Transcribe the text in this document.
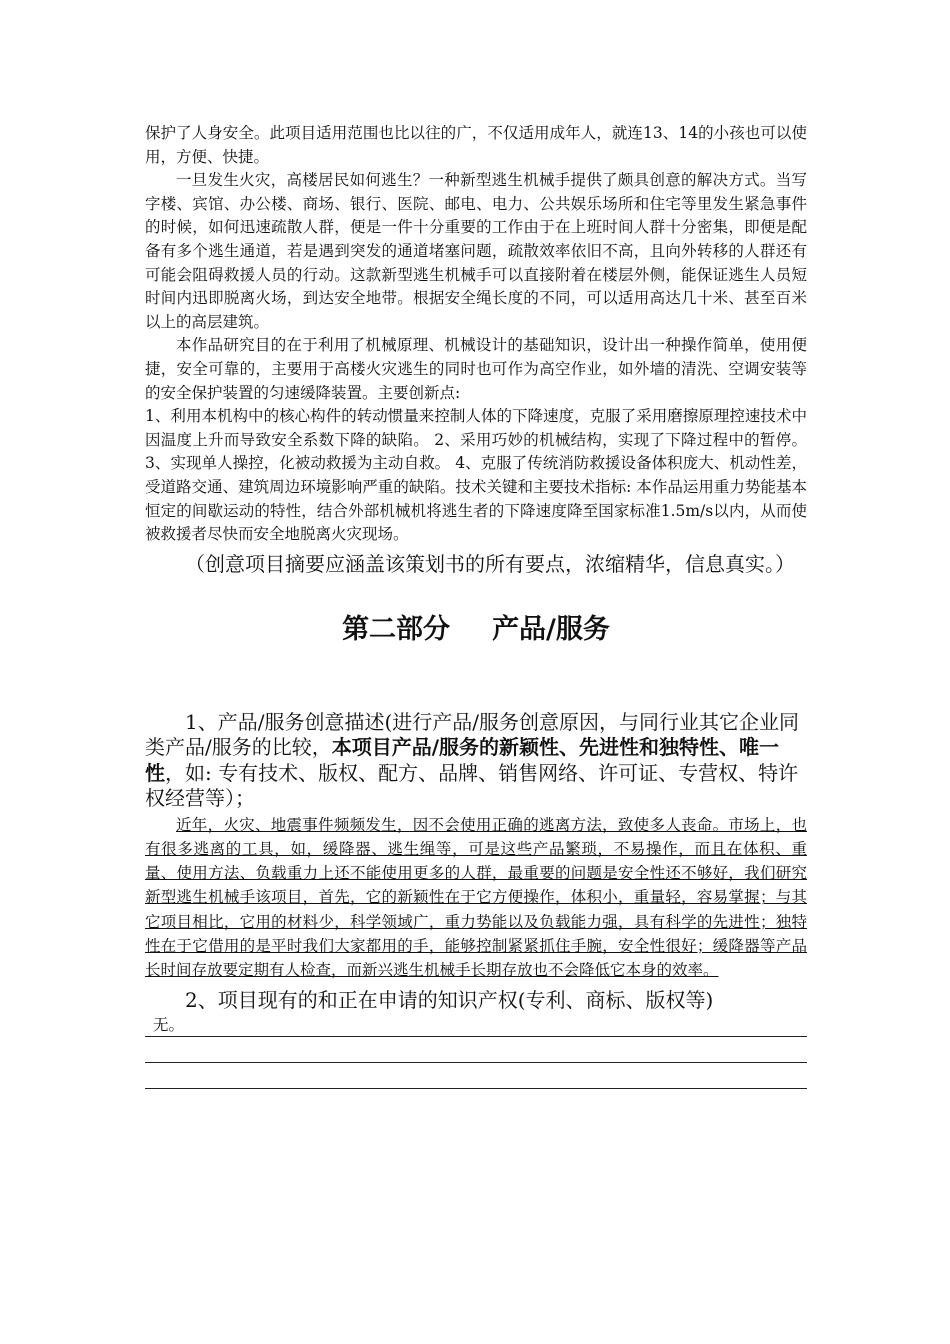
保护了人身安全。此项目适用范围也比以往的广，不仅适用成年人，就连13、14的小孩也可以使用，方便、快捷。

一旦发生火灾，高楼居民如何逃生？一种新型逃生机械手提供了颇具创意的解决方式。当写字楼、宾馆、办公楼、商场、银行、医院、邮电、电力、公共娱乐场所和住宅等里发生紧急事件的时候，如何迅速疏散人群，便是一件十分重要的工作由于在上班时间人群十分密集，即便是配备有多个逃生通道，若是遇到突发的通道堵塞问题，疏散效率依旧不高，且向外转移的人群还有可能会阻碍救援人员的行动。这款新型逃生机械手可以直接附着在楼层外侧，能保证逃生人员短时间内迅即脱离火场，到达安全地带。根据安全绳长度的不同，可以适用高达几十米、甚至百米以上的高层建筑。

本作品研究目的在于利用了机械原理、机械设计的基础知识，设计出一种操作简单，使用便捷，安全可靠的，主要用于高楼火灾逃生的同时也可作为高空作业，如外墙的清洗、空调安装等的安全保护装置的匀速缓降装置。主要创新点:

1、利用本机构中的核心构件的转动惯量来控制人体的下降速度，克服了采用磨擦原理控速技术中因温度上升而导致安全系数下降的缺陷。 2、采用巧妙的机械结构，实现了下降过程中的暂停。 3、实现单人操控，化被动救援为主动自救。 4、克服了传统消防救援设备体积庞大、机动性差，受道路交通、建筑周边环境影响严重的缺陷。技术关键和主要技术指标: 本作品运用重力势能基本恒定的间歇运动的特性，结合外部机械机将逃生者的下降速度降至国家标准1.5m/s以内，从而使被救援者尽快而安全地脱离火灾现场。

（创意项目摘要应涵盖该策划书的所有要点，浓缩精华，信息真实。）

第二部分 产品/服务

1、产品/服务创意描述(进行产品/服务创意原因，与同行业其它企业同类产品/服务的比较，本项目产品/服务的新颖性、先进性和独特性、唯一性，如: 专有技术、版权、配方、品牌、销售网络、许可证、专营权、特许权经营等）；

近年，火灾、地震事件频频发生，因不会使用正确的逃离方法，致使多人丧命。市场上，也有很多逃离的工具，如，缓降器、逃生绳等，可是这些产品繁琐，不易操作，而且在体积、重量、使用方法、负载重力上还不能使用更多的人群，最重要的问题是安全性还不够好，我们研究新型逃生机械手该项目，首先，它的新颖性在于它方便操作，体积小，重量轻，容易掌握；与其它项目相比，它用的材料少，科学领域广，重力势能以及负载能力强，具有科学的先进性；独特性在于它借用的是平时我们大家都用的手，能够控制紧紧抓住手腕，安全性很好；缓降器等产品长时间存放要定期有人检查，而新兴逃生机械手长期存放也不会降低它本身的效率。

2、项目现有的和正在申请的知识产权(专利、商标、版权等)

无。
